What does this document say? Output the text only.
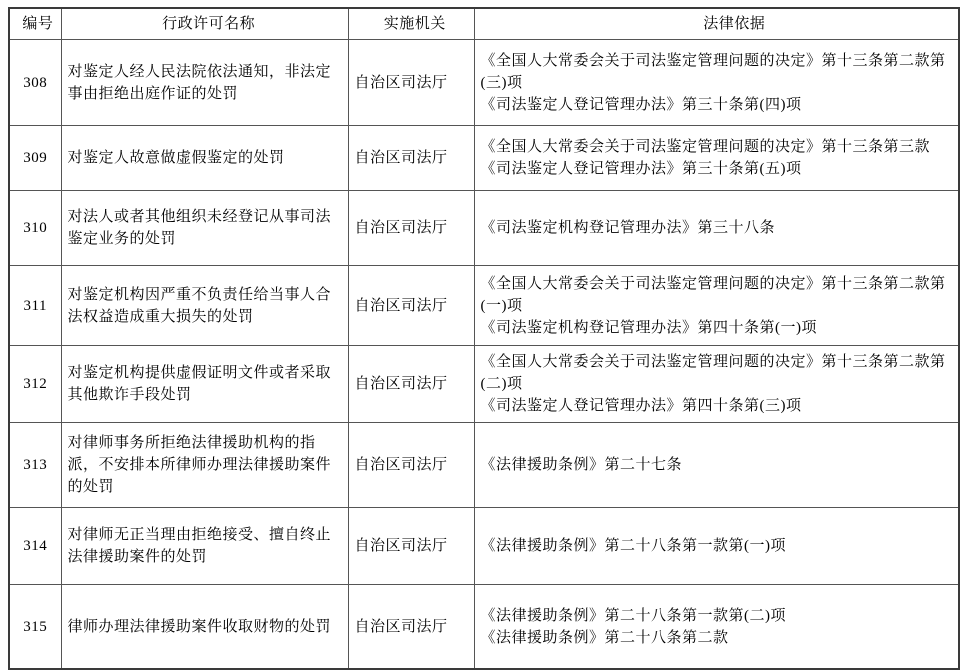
编号	行政许可名称	实施机关	法律依据
308	对鉴定人经人民法院依法通知，非法定事由拒绝出庭作证的处罚	自治区司法厅	《全国人大常委会关于司法鉴定管理问题的决定》第十三条第二款第(三)项
《司法鉴定人登记管理办法》第三十条第(四)项

309	对鉴定人故意做虚假鉴定的处罚	自治区司法厅	《全国人大常委会关于司法鉴定管理问题的决定》第十三条第三款
《司法鉴定人登记管理办法》第三十条第(五)项

310	对法人或者其他组织未经登记从事司法鉴定业务的处罚	自治区司法厅	《司法鉴定机构登记管理办法》第三十八条

311	对鉴定机构因严重不负责任给当事人合法权益造成重大损失的处罚	自治区司法厅	《全国人大常委会关于司法鉴定管理问题的决定》第十三条第二款第(一)项
《司法鉴定机构登记管理办法》第四十条第(一)项

312	对鉴定机构提供虚假证明文件或者采取其他欺诈手段处罚	自治区司法厅	《全国人大常委会关于司法鉴定管理问题的决定》第十三条第二款第(二)项
《司法鉴定人登记管理办法》第四十条第(三)项

313	对律师事务所拒绝法律援助机构的指派，不安排本所律师办理法律援助案件的处罚	自治区司法厅	《法律援助条例》第二十七条

314	对律师无正当理由拒绝接受、擅自终止法律援助案件的处罚	自治区司法厅	《法律援助条例》第二十八条第一款第(一)项

315	律师办理法律援助案件收取财物的处罚	自治区司法厅	《法律援助条例》第二十八条第一款第(二)项
《法律援助条例》第二十八条第二款
